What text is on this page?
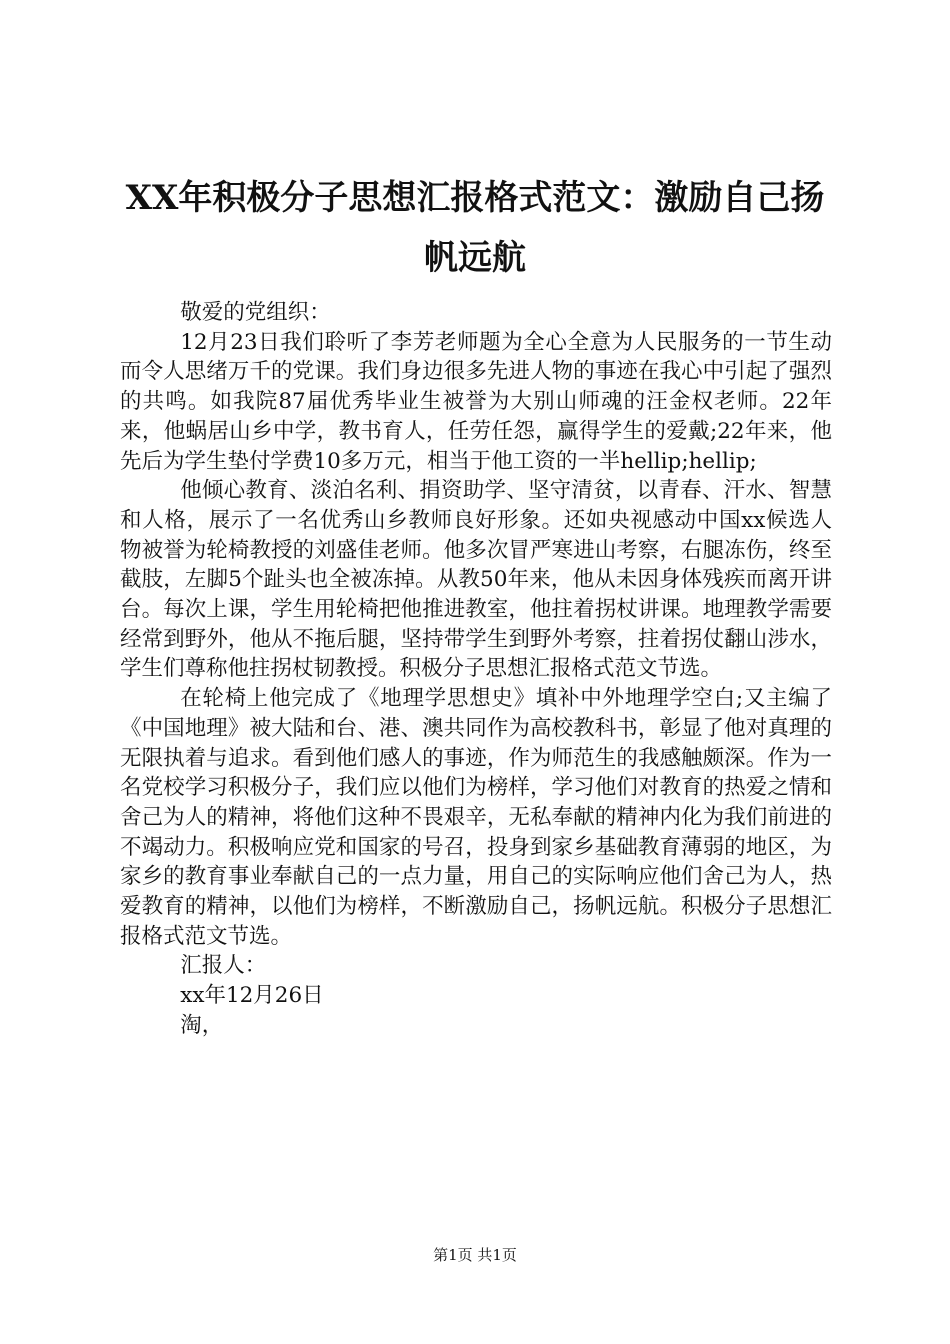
XX年积极分子思想汇报格式范文：激励自己扬帆远航

敬爱的党组织：

12月23日我们聆听了李芳老师题为全心全意为人民服务的一节生动而令人思绪万千的党课。我们身边很多先进人物的事迹在我心中引起了强烈的共鸣。如我院87届优秀毕业生被誉为大别山师魂的汪金权老师。22年来，他蜗居山乡中学，教书育人，任劳任怨，赢得学生的爱戴;22年来，他先后为学生垫付学费10多万元，相当于他工资的一半hellip;hellip;

他倾心教育、淡泊名利、捐资助学、坚守清贫，以青春、汗水、智慧和人格，展示了一名优秀山乡教师良好形象。还如央视感动中国xx候选人物被誉为轮椅教授的刘盛佳老师。他多次冒严寒进山考察，右腿冻伤，终至截肢，左脚5个趾头也全被冻掉。从教50年来，他从未因身体残疾而离开讲台。每次上课，学生用轮椅把他推进教室，他拄着拐杖讲课。地理教学需要经常到野外，他从不拖后腿，坚持带学生到野外考察，拄着拐仗翻山涉水，学生们尊称他拄拐杖韧教授。积极分子思想汇报格式范文节选。

在轮椅上他完成了《地理学思想史》填补中外地理学空白;又主编了《中国地理》被大陆和台、港、澳共同作为高校教科书，彰显了他对真理的无限执着与追求。看到他们感人的事迹，作为师范生的我感触颇深。作为一名党校学习积极分子，我们应以他们为榜样，学习他们对教育的热爱之情和舍己为人的精神，将他们这种不畏艰辛，无私奉献的精神内化为我们前进的不竭动力。积极响应党和国家的号召，投身到家乡基础教育薄弱的地区，为家乡的教育事业奉献自己的一点力量，用自己的实际响应他们舍己为人，热爱教育的精神，以他们为榜样，不断激励自己，扬帆远航。积极分子思想汇报格式范文节选。

汇报人：

xx年12月26日

淘，

第1页 共1页
